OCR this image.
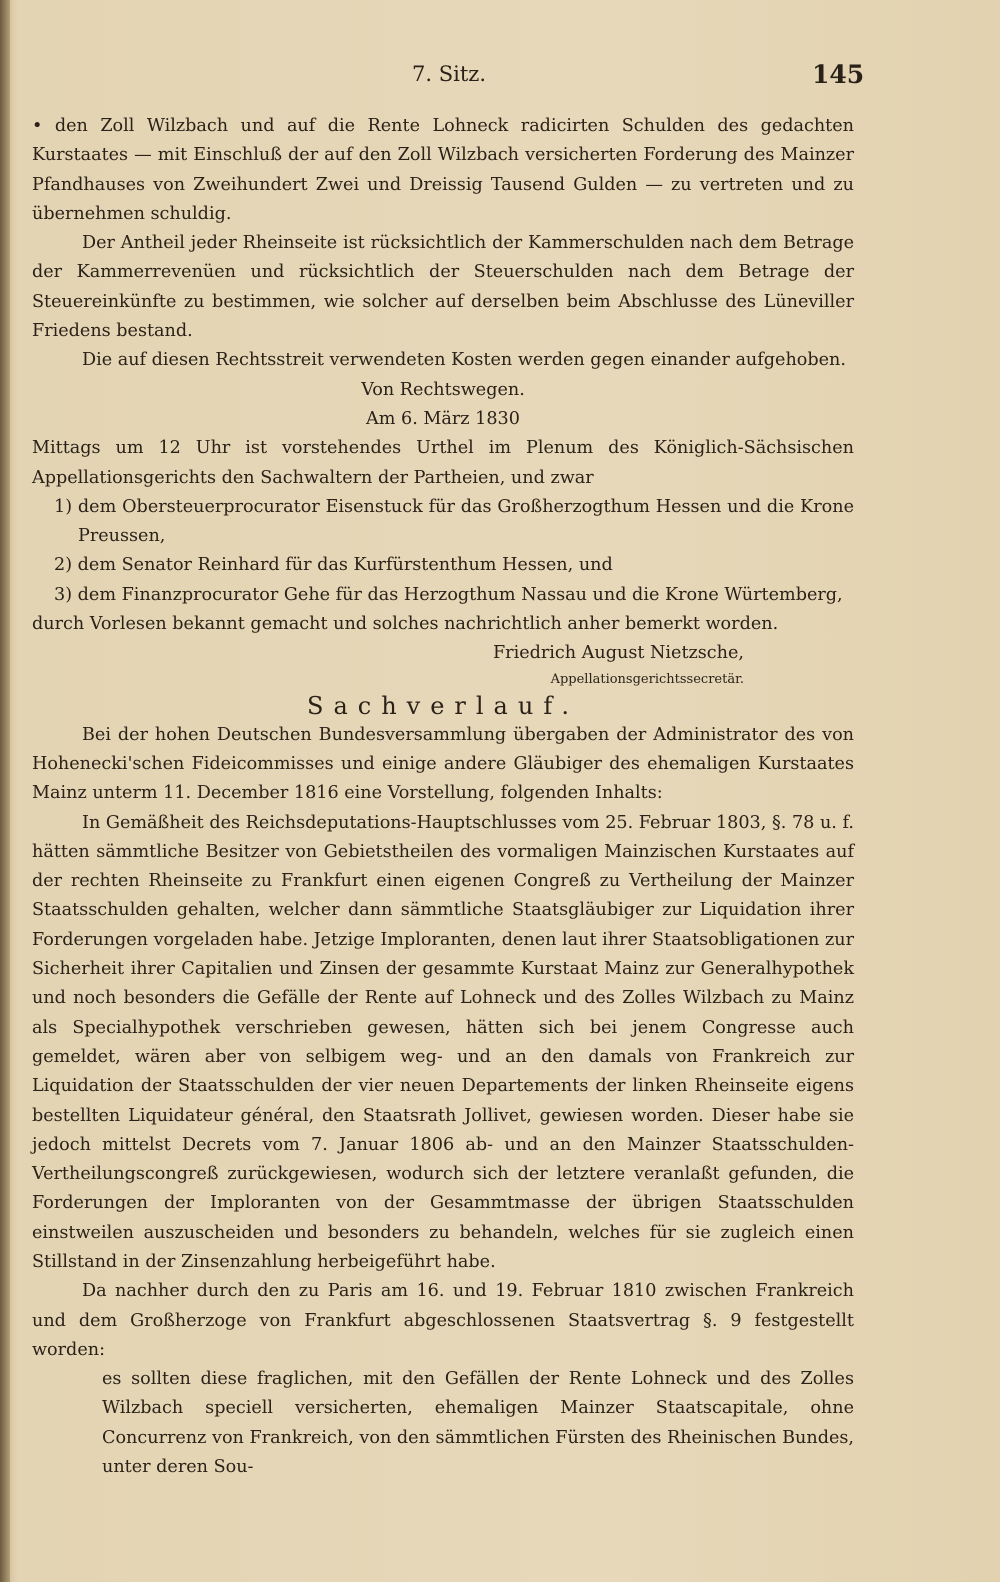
7. Sitz.	145

• den Zoll Wilzbach und auf die Rente Lohneck radicirten Schulden des gedachten Kurstaates — mit Einschluß der auf den Zoll Wilzbach versicherten Forderung des Mainzer Pfandhauses von Zweihundert Zwei und Dreissig Tausend Gulden — zu vertreten und zu übernehmen schuldig.

Der Antheil jeder Rheinseite ist rücksichtlich der Kammerschulden nach dem Betrage der Kammerrevenüen und rücksichtlich der Steuerschulden nach dem Betrage der Steuereinkünfte zu bestimmen, wie solcher auf derselben beim Abschlusse des Lüneviller Friedens bestand.

Die auf diesen Rechtsstreit verwendeten Kosten werden gegen einander aufgehoben.

Von Rechtswegen.

Am 6. März 1830

Mittags um 12 Uhr ist vorstehendes Urthel im Plenum des Königlich-Sächsischen Appellationsgerichts den Sachwaltern der Partheien, und zwar

1) dem Obersteuerprocurator Eisenstuck für das Großherzogthum Hessen und die Krone Preussen,

2) dem Senator Reinhard für das Kurfürstenthum Hessen, und

3) dem Finanzprocurator Gehe für das Herzogthum Nassau und die Krone Würtemberg,

durch Vorlesen bekannt gemacht und solches nachrichtlich anher bemerkt worden.

Friedrich August Nietzsche,

Appellationsgerichtssecretär.

Sachverlauf.

Bei der hohen Deutschen Bundesversammlung übergaben der Administrator des von Hohenecki'schen Fideicommisses und einige andere Gläubiger des ehemaligen Kurstaates Mainz unterm 11. December 1816 eine Vorstellung, folgenden Inhalts:

In Gemäßheit des Reichsdeputations-Hauptschlusses vom 25. Februar 1803, §. 78 u. f. hätten sämmtliche Besitzer von Gebietstheilen des vormaligen Mainzischen Kurstaates auf der rechten Rheinseite zu Frankfurt einen eigenen Congreß zu Vertheilung der Mainzer Staatsschulden gehalten, welcher dann sämmtliche Staatsgläubiger zur Liquidation ihrer Forderungen vorgeladen habe. Jetzige Imploranten, denen laut ihrer Staatsobligationen zur Sicherheit ihrer Capitalien und Zinsen der gesammte Kurstaat Mainz zur Generalhypothek und noch besonders die Gefälle der Rente auf Lohneck und des Zolles Wilzbach zu Mainz als Specialhypothek verschrieben gewesen, hätten sich bei jenem Congresse auch gemeldet, wären aber von selbigem weg- und an den damals von Frankreich zur Liquidation der Staatsschulden der vier neuen Departements der linken Rheinseite eigens bestellten Liquidateur général, den Staatsrath Jollivet, gewiesen worden. Dieser habe sie jedoch mittelst Decrets vom 7. Januar 1806 ab- und an den Mainzer Staatsschulden-Vertheilungscongreß zurückgewiesen, wodurch sich der letztere veranlaßt gefunden, die Forderungen der Imploranten von der Gesammtmasse der übrigen Staatsschulden einstweilen auszuscheiden und besonders zu behandeln, welches für sie zugleich einen Stillstand in der Zinsenzahlung herbeigeführt habe.

Da nachher durch den zu Paris am 16. und 19. Februar 1810 zwischen Frankreich und dem Großherzoge von Frankfurt abgeschlossenen Staatsvertrag §. 9 festgestellt worden:

es sollten diese fraglichen, mit den Gefällen der Rente Lohneck und des Zolles Wilzbach speciell versicherten, ehemaligen Mainzer Staatscapitale, ohne Concurrenz von Frankreich, von den sämmtlichen Fürsten des Rheinischen Bundes, unter deren Sou-
